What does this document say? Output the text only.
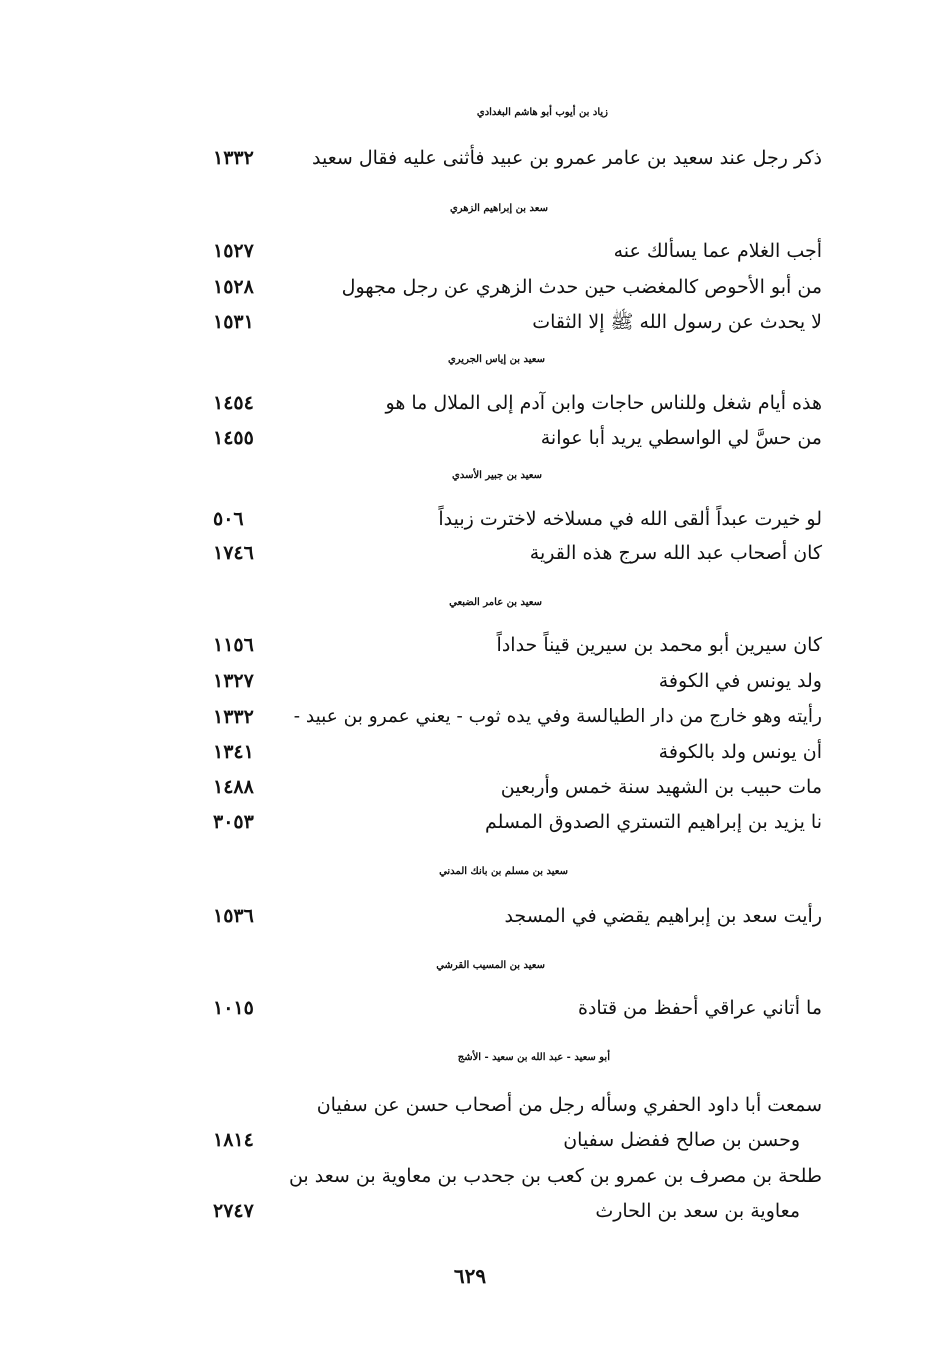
زياد بن أيوب أبو هاشم البغدادي
ذكر رجل عند سعيد بن عامر عمرو بن عبيد فأثنى عليه فقال سعيد
١٣٣٢
سعد بن إبراهيم الزهري
أجب الغلام عما يسألك عنه
١٥٢٧
من أبو الأحوص كالمغضب حين حدث الزهري عن رجل مجهول
١٥٢٨
لا يحدث عن رسول الله ﷺ إلا الثقات
١٥٣١
سعيد بن إياس الجريري
هذه أيام شغل وللناس حاجات وابن آدم إلى الملال ما هو
١٤٥٤
من حسَّ لي الواسطي يريد أبا عوانة
١٤٥٥
سعيد بن جبير الأسدي
لو خيرت عبداً ألقى الله في مسلاخه لاخترت زبيداً
٥٠٦
كان أصحاب عبد الله سرج هذه القرية
١٧٤٦
سعيد بن عامر الضبعي
كان سيرين أبو محمد بن سيرين قيناً حداداً
١١٥٦
ولد يونس في الكوفة
١٣٢٧
رأيته وهو خارج من دار الطيالسة وفي يده ثوب - يعني عمرو بن عبيد -
١٣٣٢
أن يونس ولد بالكوفة
١٣٤١
مات حبيب بن الشهيد سنة خمس وأربعين
١٤٨٨
نا يزيد بن إبراهيم التستري الصدوق المسلم
٣٠٥٣
سعيد بن مسلم بن بانك المدني
رأيت سعد بن إبراهيم يقضي في المسجد
١٥٣٦
سعيد بن المسيب القرشي
ما أتاني عراقي أحفظ من قتادة
١٠١٥
أبو سعيد - عبد الله بن سعيد - الأشج
سمعت أبا داود الحفري وسأله رجل من أصحاب حسن عن سفيان
وحسن بن صالح ففضل سفيان
١٨١٤
طلحة بن مصرف بن عمرو بن كعب بن جحدب بن معاوية بن سعد بن
معاوية بن سعد بن الحارث
٢٧٤٧
٦٢٩
